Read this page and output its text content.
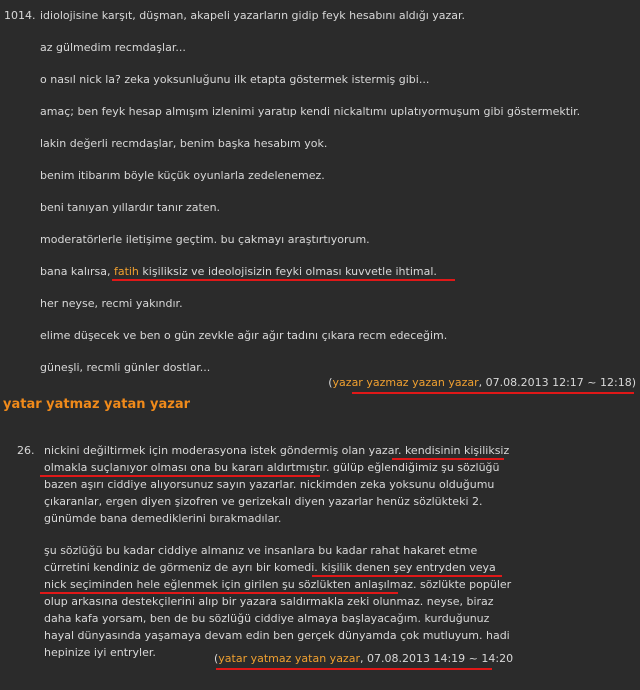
1014. idiolojisine karşıt, düşman, akapeli yazarların gidip feyk hesabını aldığı yazar.
az gülmedim recmdaşlar...
o nasıl nick la? zeka yoksunluğunu ilk etapta göstermek istermiş gibi...
amaç; ben feyk hesap almışım izlenimi yaratıp kendi nickaltımı uplatıyormuşum gibi göstermektir.
lakin değerli recmdaşlar, benim başka hesabım yok.
benim itibarım böyle küçük oyunlarla zedelenemez.
beni tanıyan yıllardır tanır zaten.
moderatörlerle iletişime geçtim. bu çakmayı araştırtıyorum.
bana kalırsa, fatih kişiliksiz ve ideolojisizin feyki olması kuvvetle ihtimal.
her neyse, recmi yakındır.
elime düşecek ve ben o gün zevkle ağır ağır tadını çıkara recm edeceğim.
güneşli, recmli günler dostlar...
(yazar yazmaz yazan yazar, 07.08.2013 12:17 ~ 12:18)
yatar yatmaz yatan yazar
26. nickini değiltirmek için moderasyona istek göndermiş olan yazar. kendisinin kişiliksiz
olmakla suçlanıyor olması ona bu kararı aldırtmıştır. gülüp eğlendiğimiz şu sözlüğü
bazen aşırı ciddiye alıyorsunuz sayın yazarlar. nickimden zeka yoksunu olduğumu
çıkaranlar, ergen diyen şizofren ve gerizekalı diyen yazarlar henüz sözlükteki 2.
günümde bana demediklerini bırakmadılar.
şu sözlüğü bu kadar ciddiye almanız ve insanlara bu kadar rahat hakaret etme
cürretini kendiniz de görmeniz de ayrı bir komedi. kişilik denen şey entryden veya
nick seçiminden hele eğlenmek için girilen şu sözlükten anlaşılmaz. sözlükte popüler
olup arkasına destekçilerini alıp bir yazara saldırmakla zeki olunmaz. neyse, biraz
daha kafa yorsam, ben de bu sözlüğü ciddiye almaya başlayacağım. kurduğunuz
hayal dünyasında yaşamaya devam edin ben gerçek dünyamda çok mutluyum. hadi
hepinize iyi entryler.	(yatar yatmaz yatan yazar, 07.08.2013 14:19 ~ 14:20
